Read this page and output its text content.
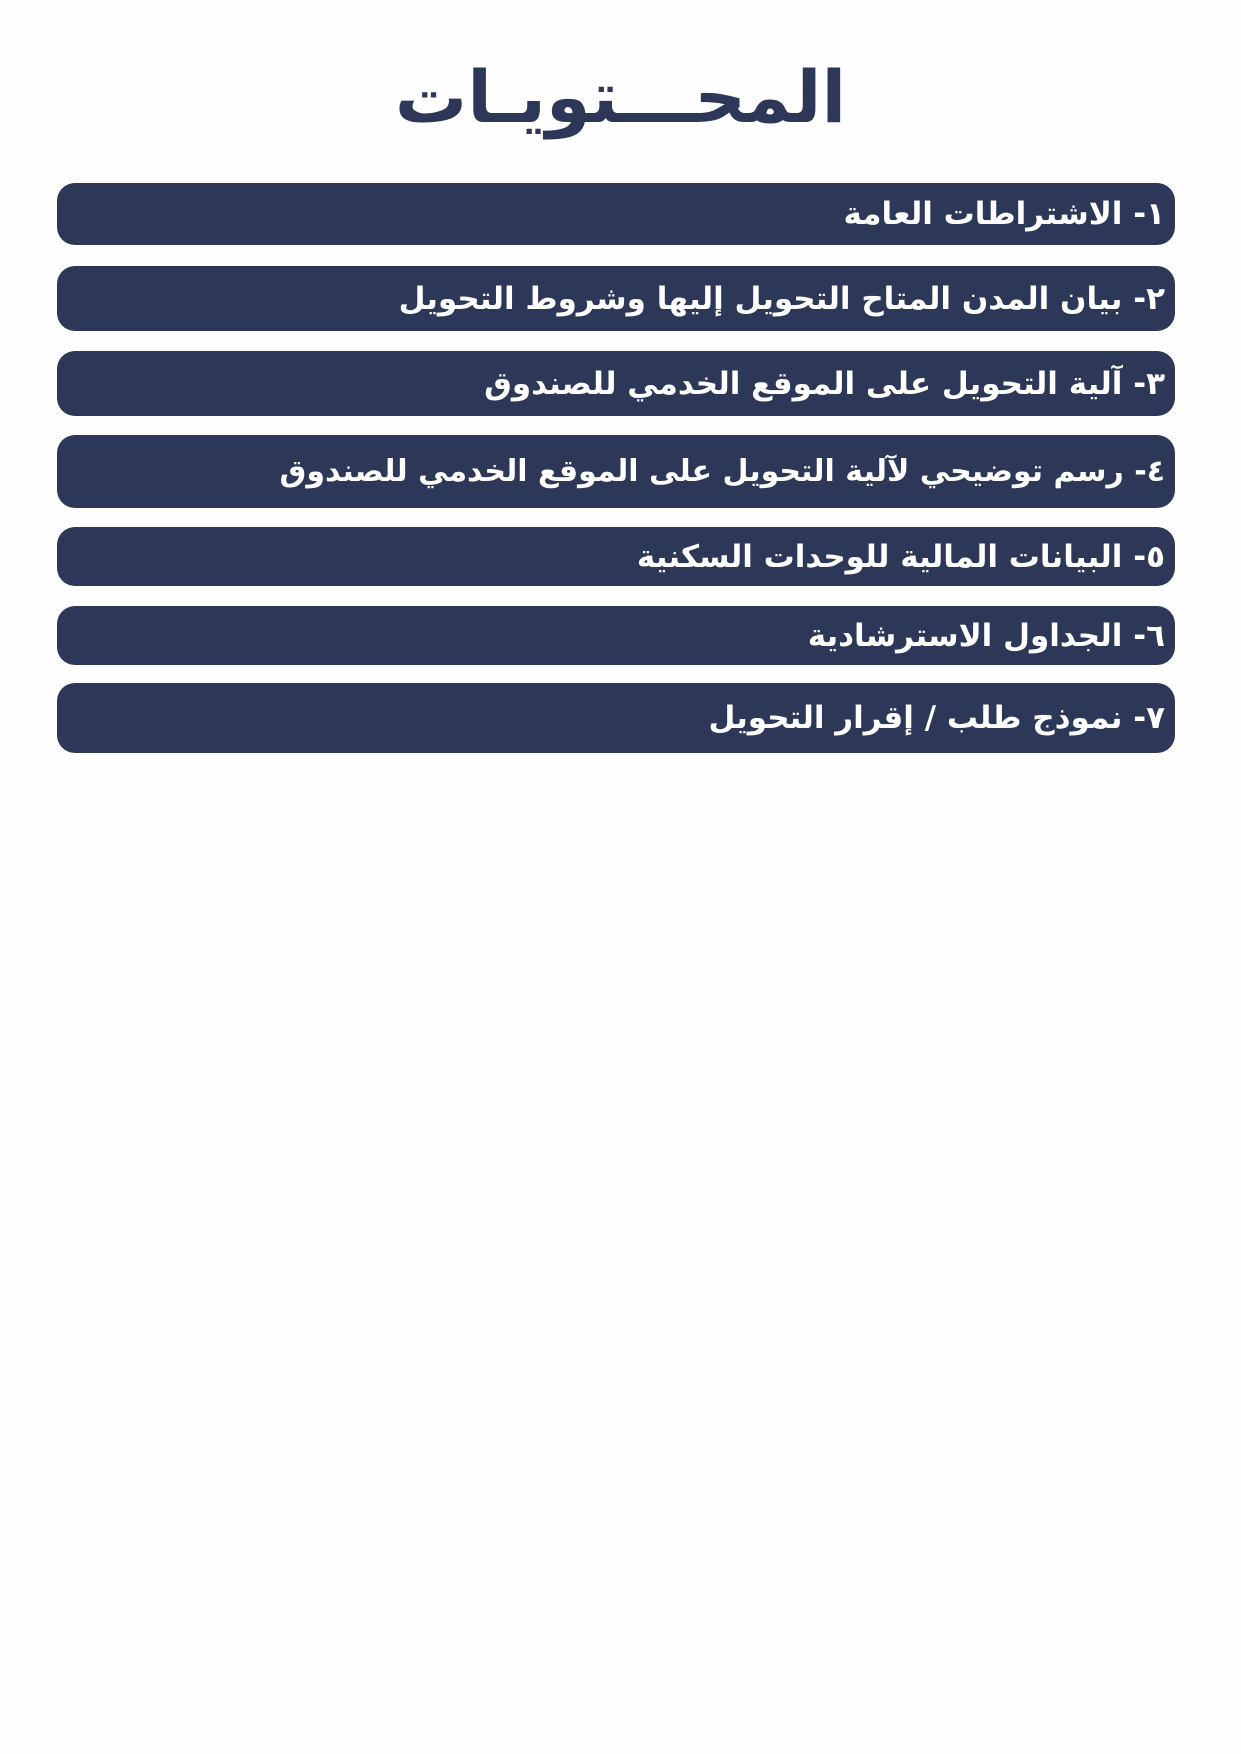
المحـــتويـات
١- الاشتراطات العامة
٢- بيان المدن المتاح التحويل إليها وشروط التحويل
٣- آلية التحويل على الموقع الخدمي للصندوق
٤- رسم توضيحي لآلية التحويل على الموقع الخدمي للصندوق
٥- البيانات المالية للوحدات السكنية
٦- الجداول الاسترشادية
٧- نموذج طلب / إقرار التحويل
